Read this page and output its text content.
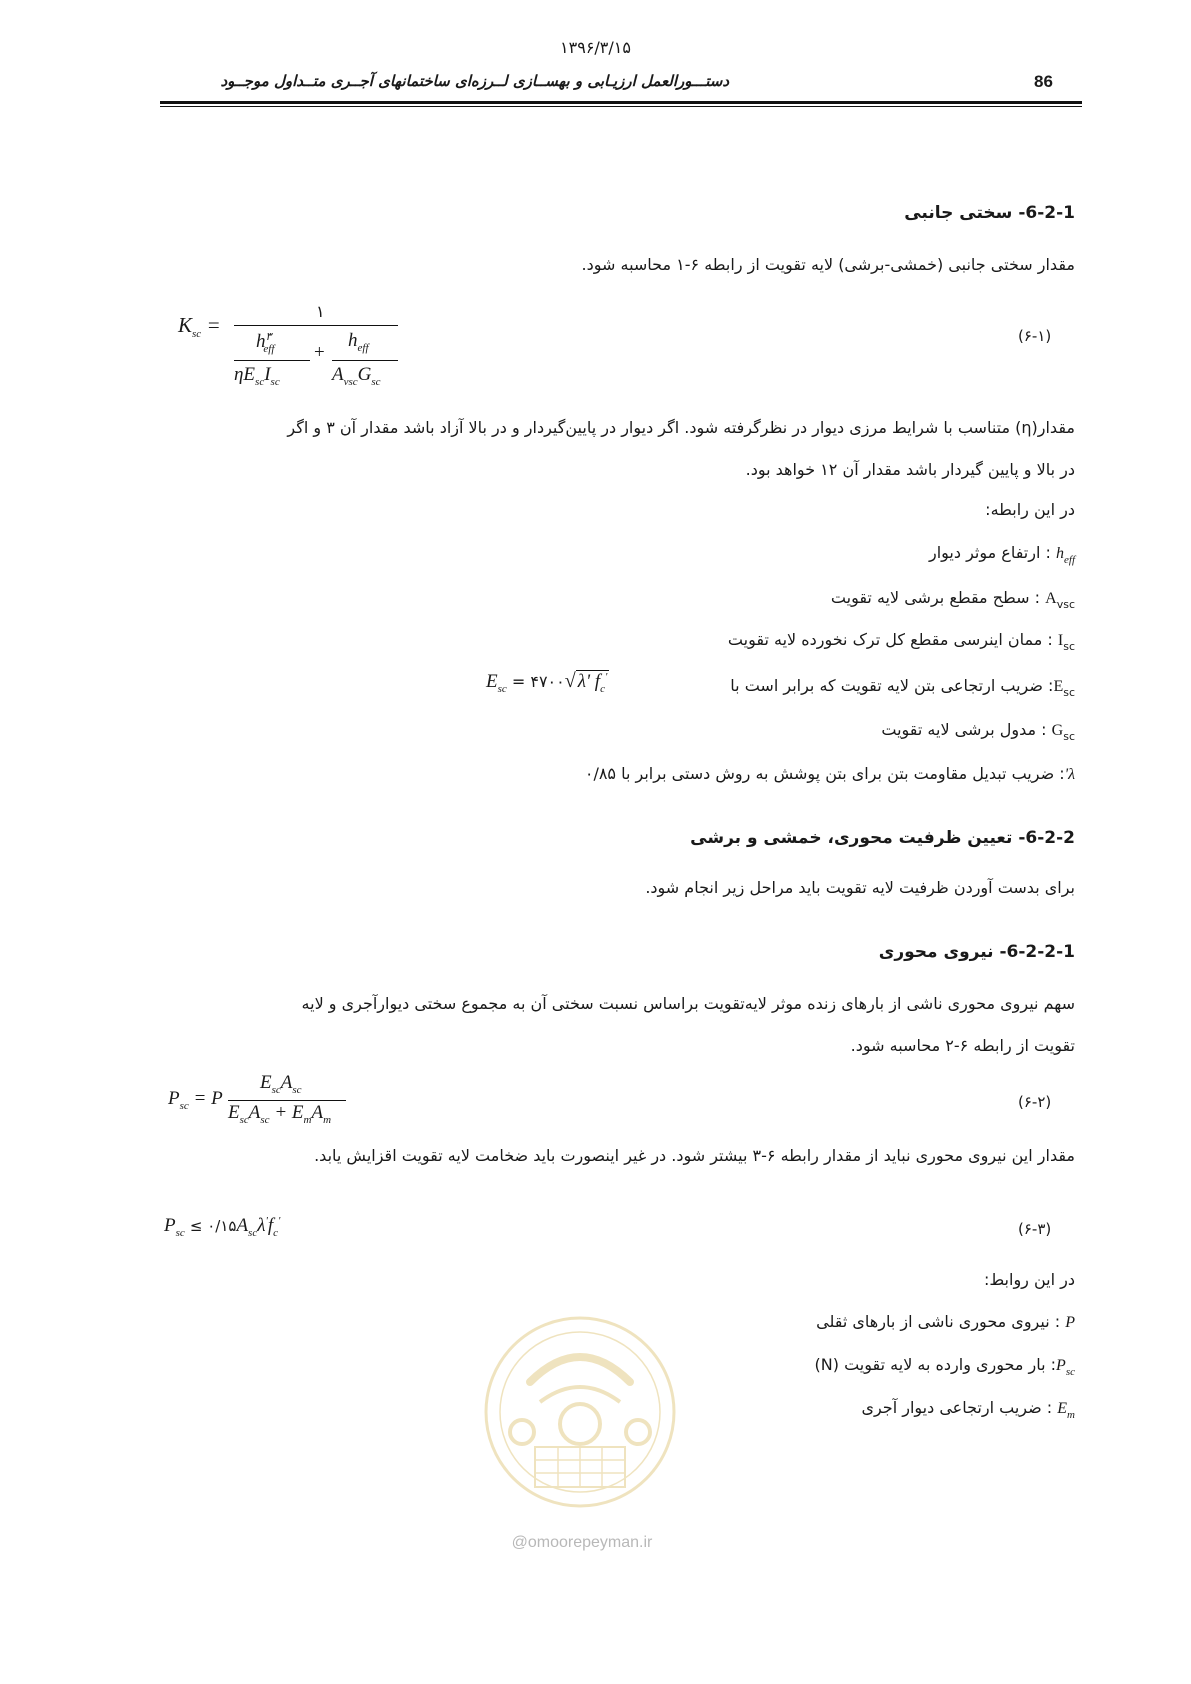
۱۳۹۶/۳/۱۵
دستـــورالعمل ارزیـابی و بهســازی لــرزه‌ای ساختمانهای آجــری متــداول موجــود	86
6-2-1- سختی جانبی
مقدار سختی جانبی (خمشی-برشی) لایه تقویت از رابطه ۶-۱ محاسبه شود.
$K_{sc}$ =
۱
$h^۳_{eff}$
$\eta E_{sc}I_{sc}$
+
$h_{eff}$
$A_{vsc}G_{sc}$
(۶-۱)
مقدار(η) متناسب با شرایط مرزی دیوار در نظرگرفته شود. اگر دیوار در پایین‌گیردار و در بالا آزاد باشد مقدار آن ۳ و اگر
در بالا و پایین گیردار باشد مقدار آن ۱۲ خواهد بود.
در این رابطه:
$h_{eff}$ : ارتفاع موثر دیوار
$A_{vsc}$ : سطح مقطع برشی لایه تقویت
$I_{sc}$ : ممان اینرسی مقطع کل ترک نخورده لایه تقویت
$E_{sc}$: ضریب ارتجاعی بتن لایه تقویت که برابر است با
$E_{sc}$ = ۴۷۰۰√ λ' $f_c'$
$G_{sc}$ : مدول برشی لایه تقویت
λ': ضریب تبدیل مقاومت بتن برای بتن پوشش به روش دستی برابر با ۰/۸۵
6-2-2- تعیین ظرفیت محوری، خمشی و برشی
برای بدست آوردن ظرفیت لایه تقویت باید مراحل زیر انجام شود.
6-2-2-1- نیروی محوری
سهم نیروی محوری ناشی از بارهای زنده موثر لایه‌تقویت براساس نسبت سختی آن به مجموع سختی دیوارآجری و لایه
تقویت از رابطه ۶-۲ محاسبه شود.
$P_{sc} = P$
$E_{sc}A_{sc}$
$E_{sc}A_{sc} + E_mA_m$
(۶-۲)
مقدار این نیروی محوری نباید از مقدار رابطه ۶-۳ بیشتر شود. در غیر اینصورت باید ضخامت لایه تقویت اقزایش یابد.
$P_{sc}$ ≤ $۰/۱۵A_{sc}\lambda'f_c'$	(۶-۳)
در این روابط:
P : نیروی محوری ناشی از بارهای ثقلی
$P_{sc}$: بار محوری وارده به لایه تقویت (N)
$E_m$ : ضریب ارتجاعی دیوار آجری
@omoorepeyman.ir
